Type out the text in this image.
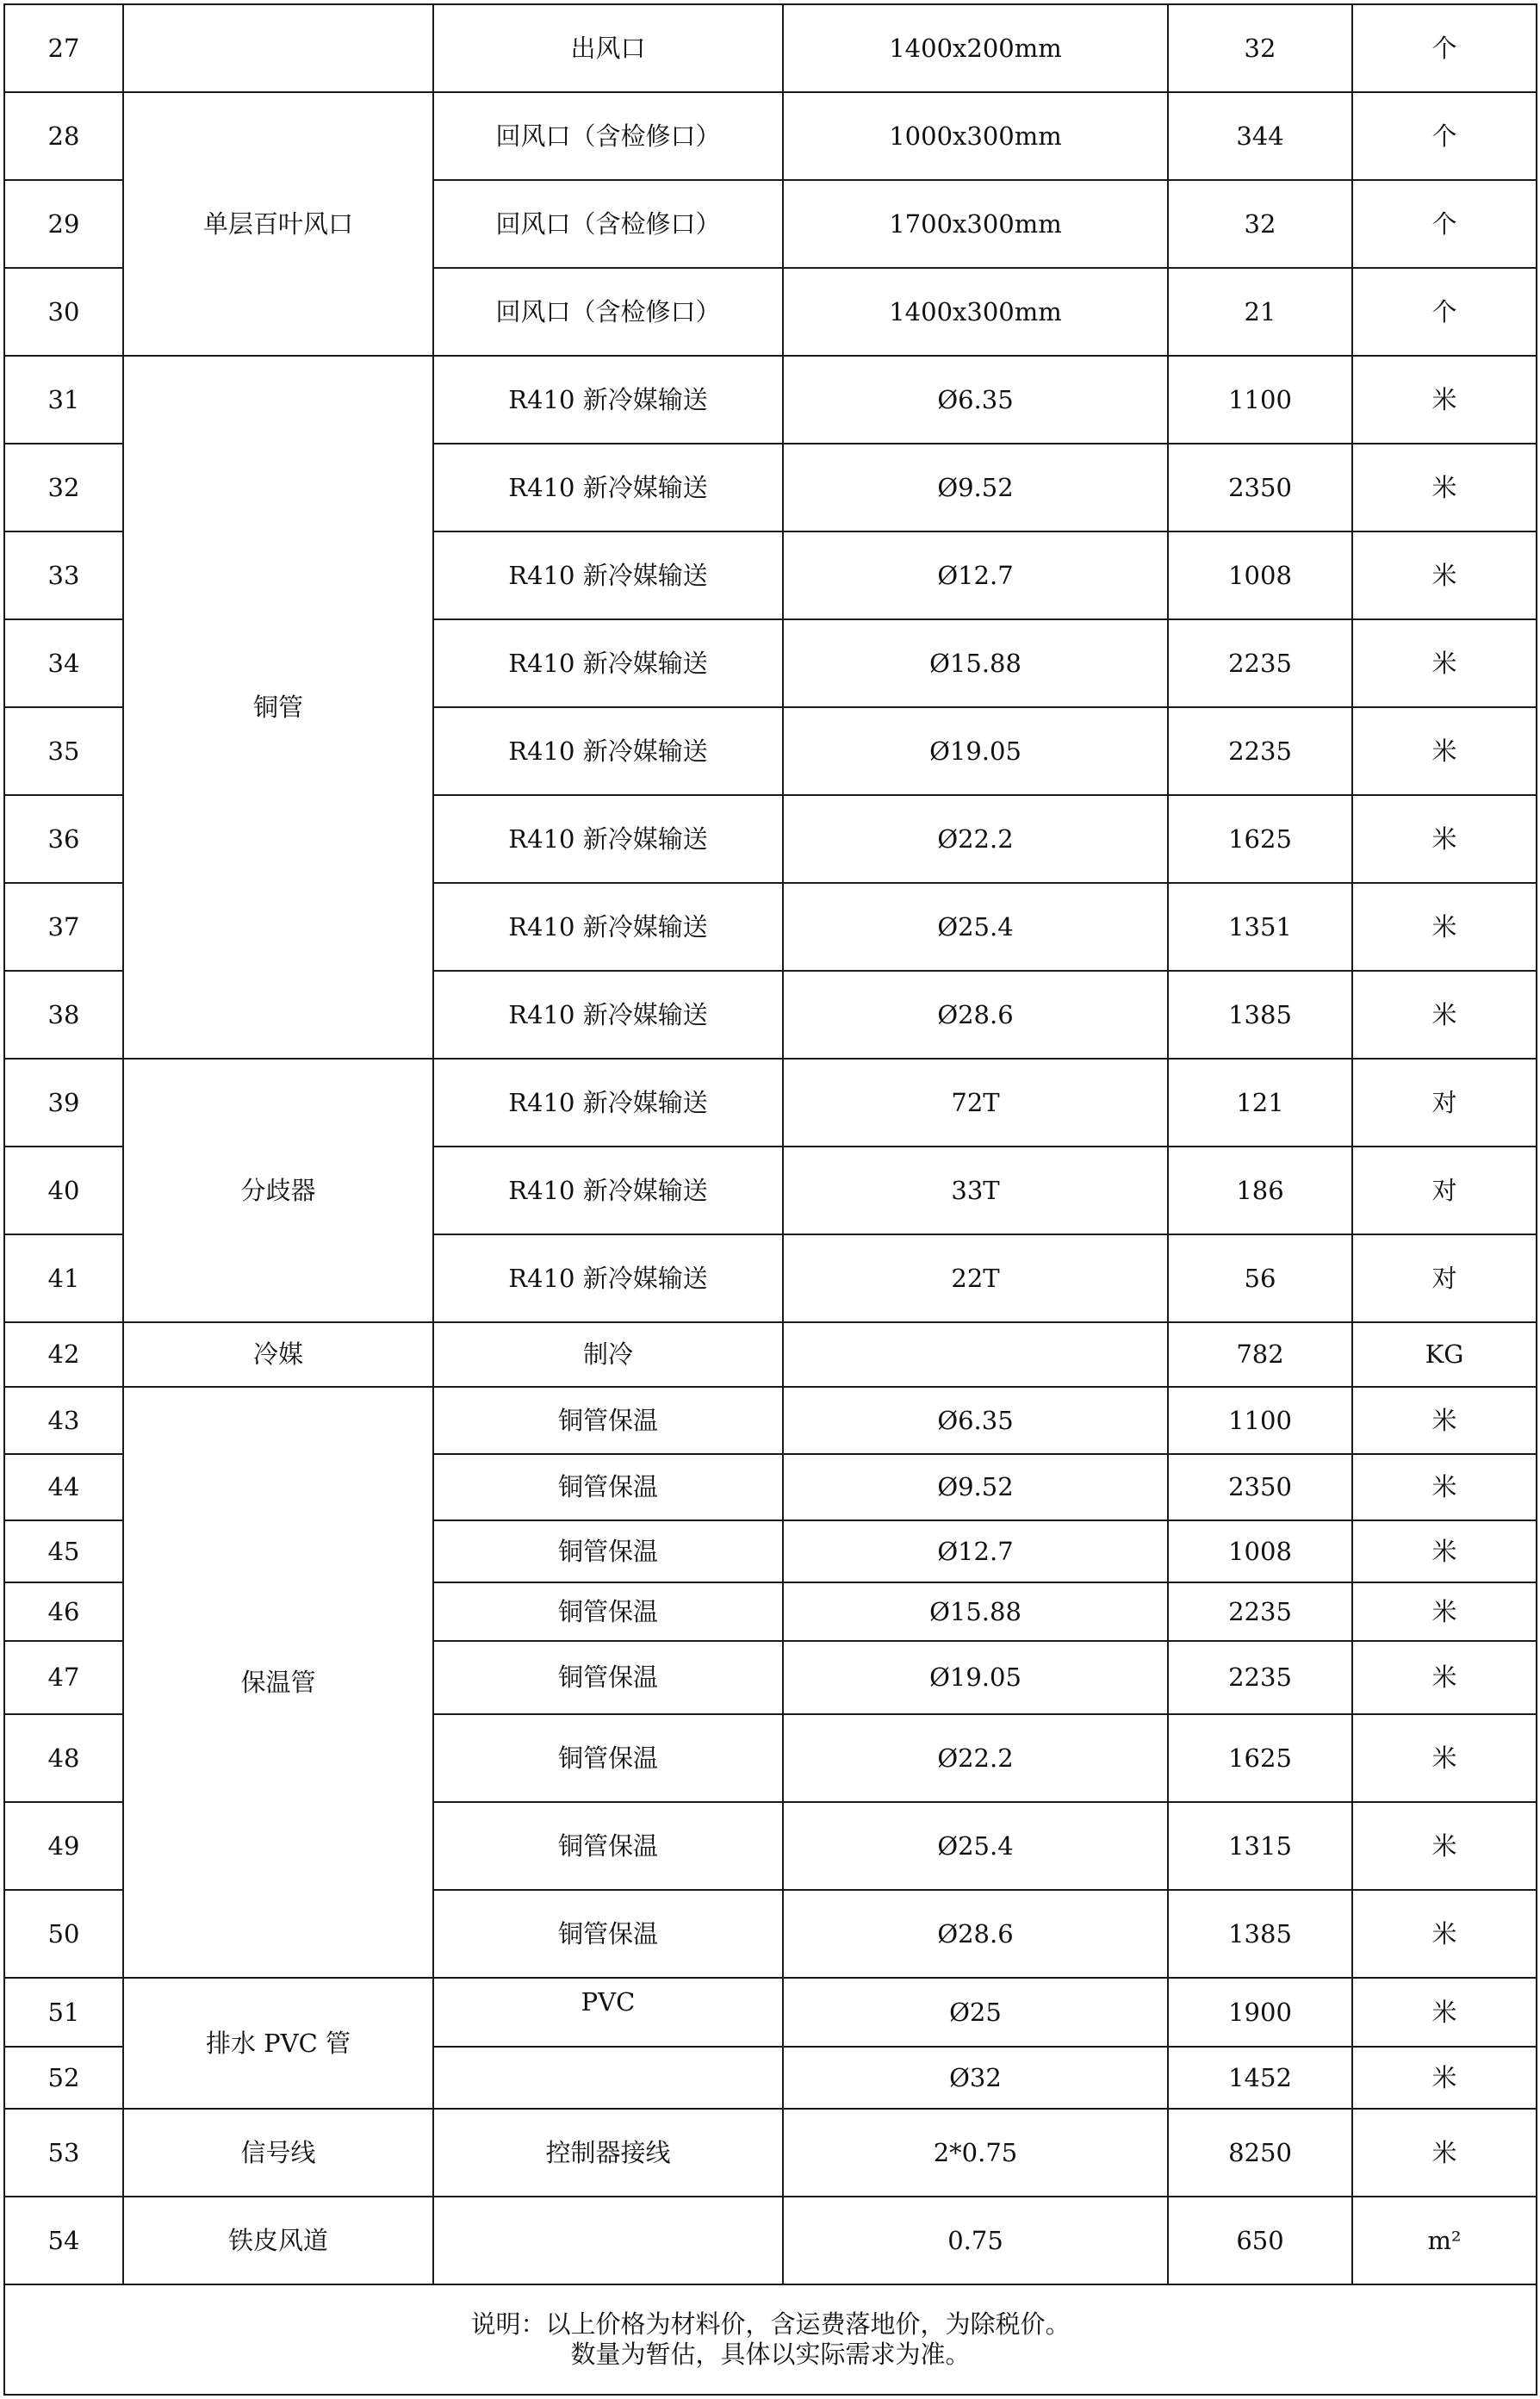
27		出风口	1400x200mm	32	个
28	单层百叶风口	回风口（含检修口）	1000x300mm	344	个
29		回风口（含检修口）	1700x300mm	32	个
30		回风口（含检修口）	1400x300mm	21	个
31	铜管	R410 新冷媒输送	Ø6.35	1100	米
32		R410 新冷媒输送	Ø9.52	2350	米
33		R410 新冷媒输送	Ø12.7	1008	米
34		R410 新冷媒输送	Ø15.88	2235	米
35		R410 新冷媒输送	Ø19.05	2235	米
36		R410 新冷媒输送	Ø22.2	1625	米
37		R410 新冷媒输送	Ø25.4	1351	米
38		R410 新冷媒输送	Ø28.6	1385	米
39	分歧器	R410 新冷媒输送	72T	121	对
40		R410 新冷媒输送	33T	186	对
41		R410 新冷媒输送	22T	56	对
42	冷媒	制冷		782	KG
43	保温管	铜管保温	Ø6.35	1100	米
44		铜管保温	Ø9.52	2350	米
45		铜管保温	Ø12.7	1008	米
46		铜管保温	Ø15.88	2235	米
47		铜管保温	Ø19.05	2235	米
48		铜管保温	Ø22.2	1625	米
49		铜管保温	Ø25.4	1315	米
50		铜管保温	Ø28.6	1385	米
51	排水 PVC 管	PVC	Ø25	1900	米
52			Ø32	1452	米
53	信号线	控制器接线	2*0.75	8250	米
54	铁皮风道		0.75	650	m²

说明：以上价格为材料价，含运费落地价，为除税价。
数量为暂估，具体以实际需求为准。					
